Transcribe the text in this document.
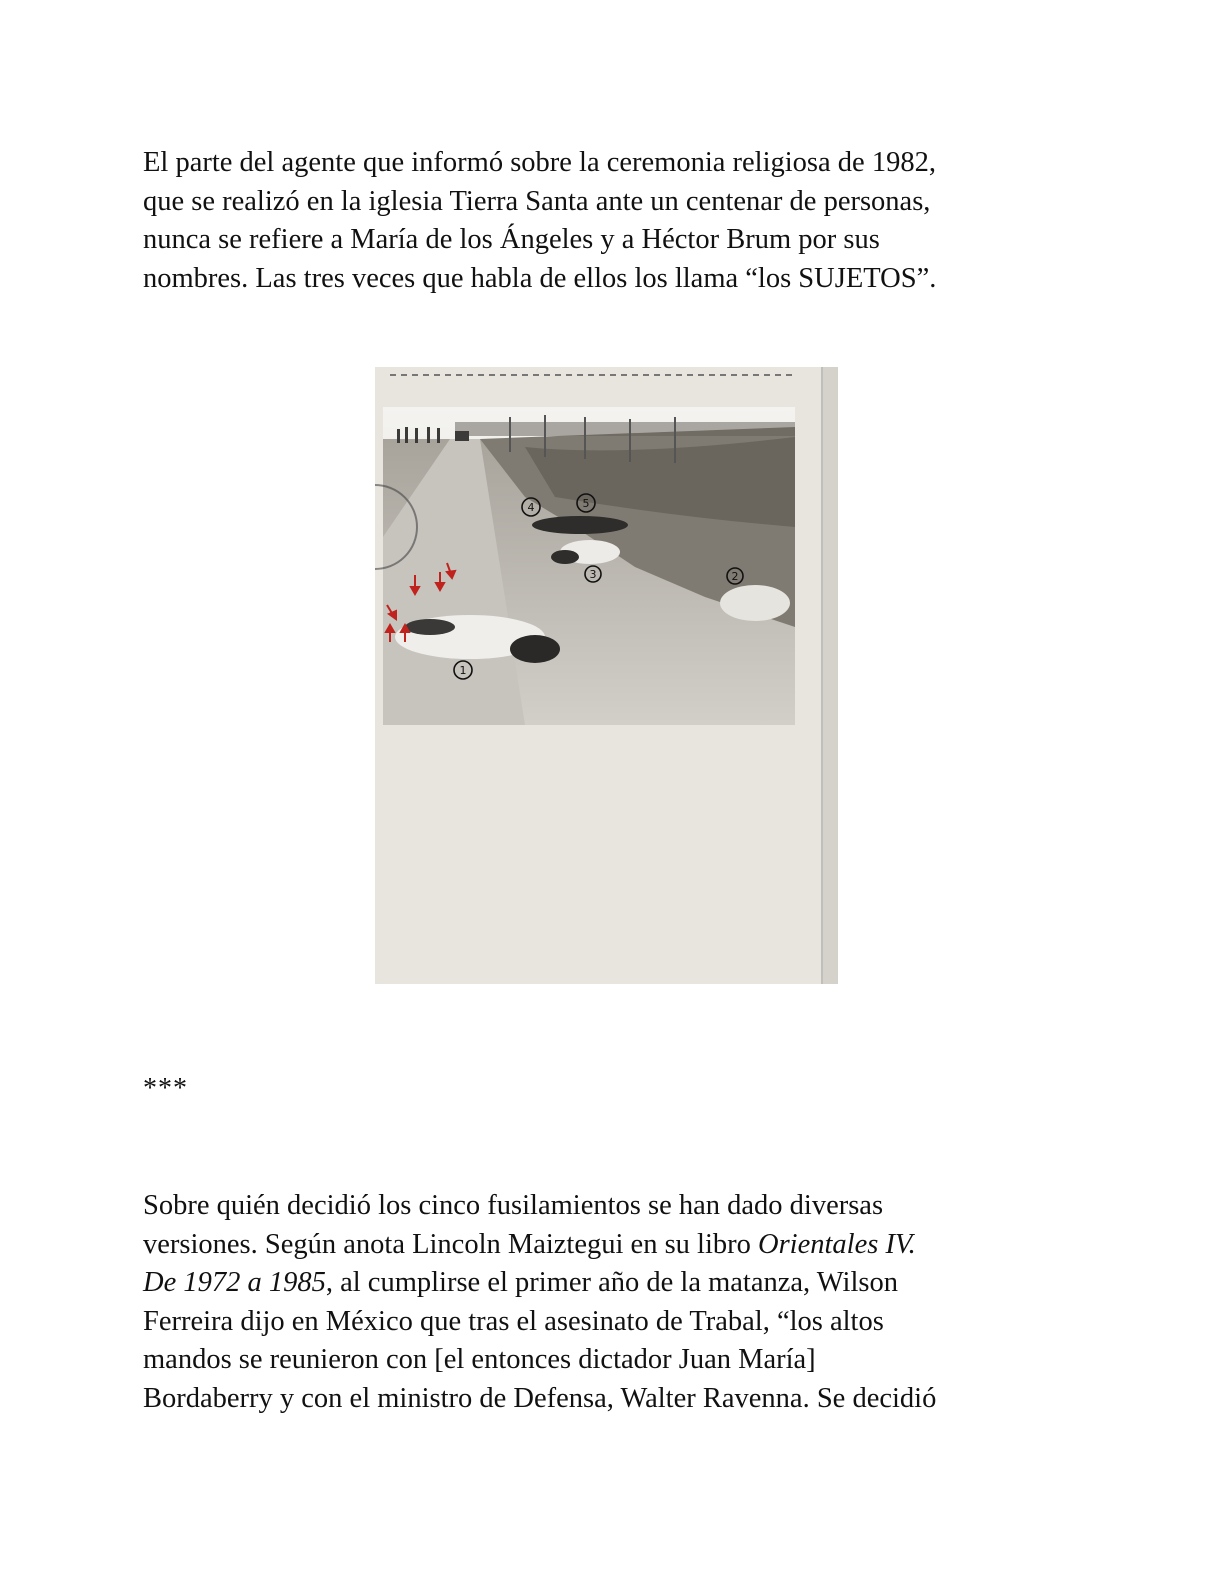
El parte del agente que informó sobre la ceremonia religiosa de 1982,
que se realizó en la iglesia Tierra Santa ante un centenar de personas,
nunca se refiere a María de los Ángeles y a Héctor Brum por sus
nombres. Las tres veces que habla de ellos los llama “los SUJETOS”.

4	5
3	2
1
***

Sobre quién decidió los cinco fusilamientos se han dado diversas
versiones. Según anota Lincoln Maiztegui en su libro Orientales IV.
De 1972 a 1985, al cumplirse el primer año de la matanza, Wilson
Ferreira dijo en México que tras el asesinato de Trabal, “los altos
mandos se reunieron con [el entonces dictador Juan María]
Bordaberry y con el ministro de Defensa, Walter Ravenna. Se decidió
